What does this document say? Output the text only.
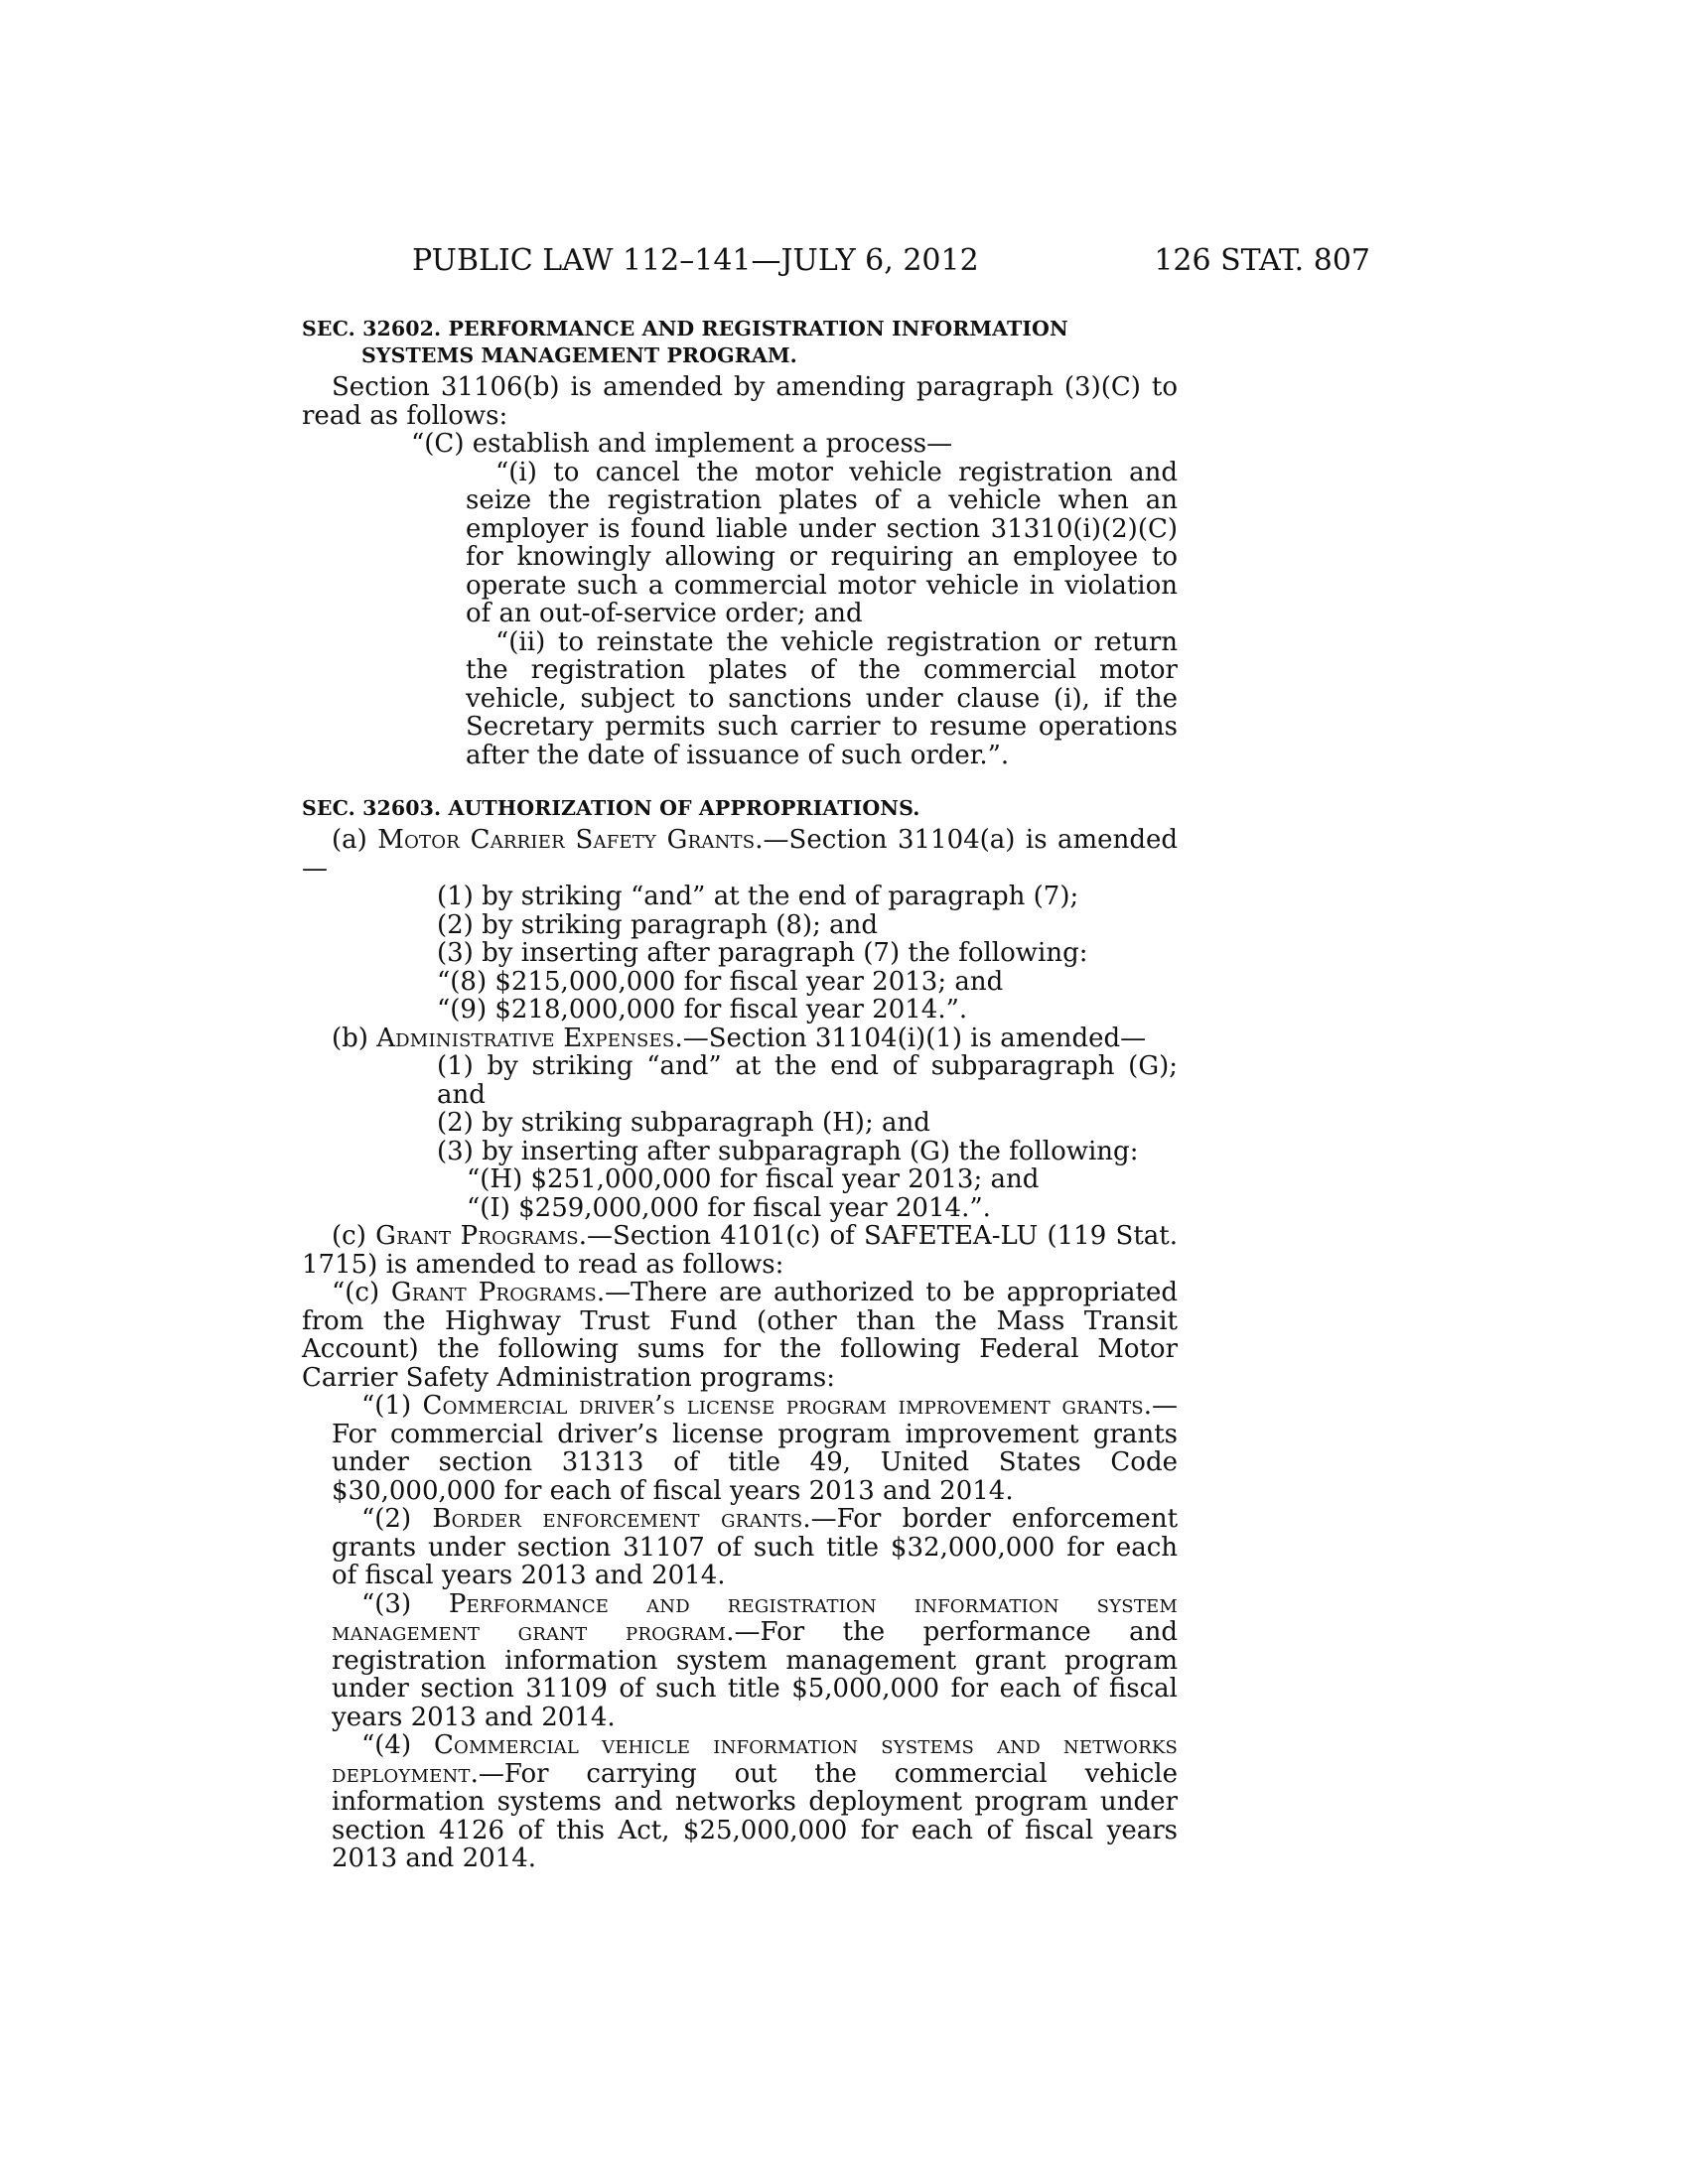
PUBLIC LAW 112–141—JULY 6, 2012	126 STAT. 807
SEC. 32602. PERFORMANCE AND REGISTRATION INFORMATION SYSTEMS MANAGEMENT PROGRAM.

Section 31106(b) is amended by amending paragraph (3)(C) to read as follows:

“(C) establish and implement a process—

“(i) to cancel the motor vehicle registration and seize the registration plates of a vehicle when an employer is found liable under section 31310(i)(2)(C) for knowingly allowing or requiring an employee to operate such a commercial motor vehicle in violation of an out-of-service order; and

“(ii) to reinstate the vehicle registration or return the registration plates of the commercial motor vehicle, subject to sanctions under clause (i), if the Secretary permits such carrier to resume operations after the date of issuance of such order.”.

SEC. 32603. AUTHORIZATION OF APPROPRIATIONS.

(a) Motor Carrier Safety Grants.—Section 31104(a) is amended—

(1) by striking “and” at the end of paragraph (7);

(2) by striking paragraph (8); and

(3) by inserting after paragraph (7) the following:

“(8) $215,000,000 for fiscal year 2013; and

“(9) $218,000,000 for fiscal year 2014.”.

(b) Administrative Expenses.—Section 31104(i)(1) is amended—

(1) by striking “and” at the end of subparagraph (G); and

(2) by striking subparagraph (H); and

(3) by inserting after subparagraph (G) the following:

“(H) $251,000,000 for fiscal year 2013; and

“(I) $259,000,000 for fiscal year 2014.”.

(c) Grant Programs.—Section 4101(c) of SAFETEA-LU (119 Stat. 1715) is amended to read as follows:

“(c) Grant Programs.—There are authorized to be appropriated from the Highway Trust Fund (other than the Mass Transit Account) the following sums for the following Federal Motor Carrier Safety Administration programs:

“(1) Commercial driver’s license program improvement grants.—For commercial driver’s license program improvement grants under section 31313 of title 49, United States Code $30,000,000 for each of fiscal years 2013 and 2014.

“(2) Border enforcement grants.—For border enforcement grants under section 31107 of such title $32,000,000 for each of fiscal years 2013 and 2014.

“(3) Performance and registration information system management grant program.—For the performance and registration information system management grant program under section 31109 of such title $5,000,000 for each of fiscal years 2013 and 2014.

“(4) Commercial vehicle information systems and networks deployment.—For carrying out the commercial vehicle information systems and networks deployment program under section 4126 of this Act, $25,000,000 for each of fiscal years 2013 and 2014.
